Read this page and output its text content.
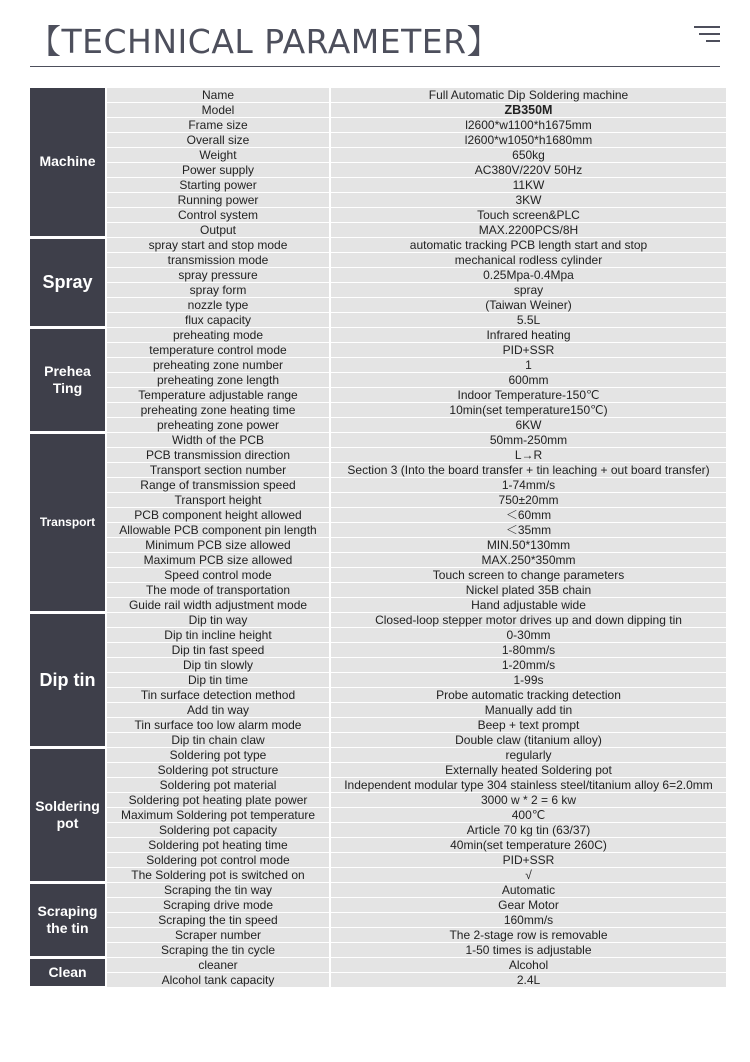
【TECHNICAL PARAMETER】
Machine	Name	Full Automatic Dip Soldering machine
	Model	ZB350M
	Frame size	l2600*w1100*h1675mm
	Overall size	l2600*w1050*h1680mm
	Weight	650kg
	Power supply	AC380V/220V 50Hz
	Starting power	11KW
	Running power	3KW
	Control system	Touch screen&PLC
	Output	MAX.2200PCS/8H
Spray	spray start and stop mode	automatic tracking PCB length start and stop
	transmission mode	mechanical rodless cylinder
	spray pressure	0.25Mpa-0.4Mpa
	spray form	spray
	nozzle type	(Taiwan Weiner)
	flux capacity	5.5L
Prehea Ting	preheating mode	Infrared heating
	temperature control mode	PID+SSR
	preheating zone number	1
	preheating zone length	600mm
	Temperature adjustable range	Indoor Temperature-150℃
	preheating zone heating time	10min(set temperature150℃)
	preheating zone power	6KW
Transport	Width of the PCB	50mm-250mm
	PCB transmission direction	L→R
	Transport section number	Section 3 (Into the board transfer + tin leaching + out board transfer)
	Range of transmission speed	1-74mm/s
	Transport height	750±20mm
	PCB component height allowed	＜60mm
	Allowable PCB component pin length	＜35mm
	Minimum PCB size allowed	MIN.50*130mm
	Maximum PCB size allowed	MAX.250*350mm
	Speed control mode	Touch screen to change parameters
	The mode of transportation	Nickel plated 35B chain
	Guide rail width adjustment mode	Hand adjustable wide
Dip tin	Dip tin way	Closed-loop stepper motor drives up and down dipping tin
	Dip tin incline height	0-30mm
	Dip tin fast speed	1-80mm/s
	Dip tin slowly	1-20mm/s
	Dip tin time	1-99s
	Tin surface detection method	Probe automatic tracking detection
	Add tin way	Manually add tin
	Tin surface too low alarm mode	Beep + text prompt
	Dip tin chain claw	Double claw (titanium alloy)
Soldering pot	Soldering pot type	regularly
	Soldering pot structure	Externally heated Soldering pot
	Soldering pot material	Independent modular type 304 stainless steel/titanium alloy 6=2.0mm
	Soldering pot heating plate power	3000 w * 2 = 6 kw
	Maximum Soldering pot temperature	400℃
	Soldering pot capacity	Article 70 kg tin (63/37)
	Soldering pot heating time	40min(set temperature 260C)
	Soldering pot control mode	PID+SSR
	The Soldering pot is switched on	√
Scraping the tin	Scraping the tin way	Automatic
	Scraping drive mode	Gear Motor
	Scraping the tin speed	160mm/s
	Scraper number	The 2-stage row is removable
	Scraping the tin cycle	1-50 times is adjustable
Clean	cleaner	Alcohol
	Alcohol tank capacity	2.4L
